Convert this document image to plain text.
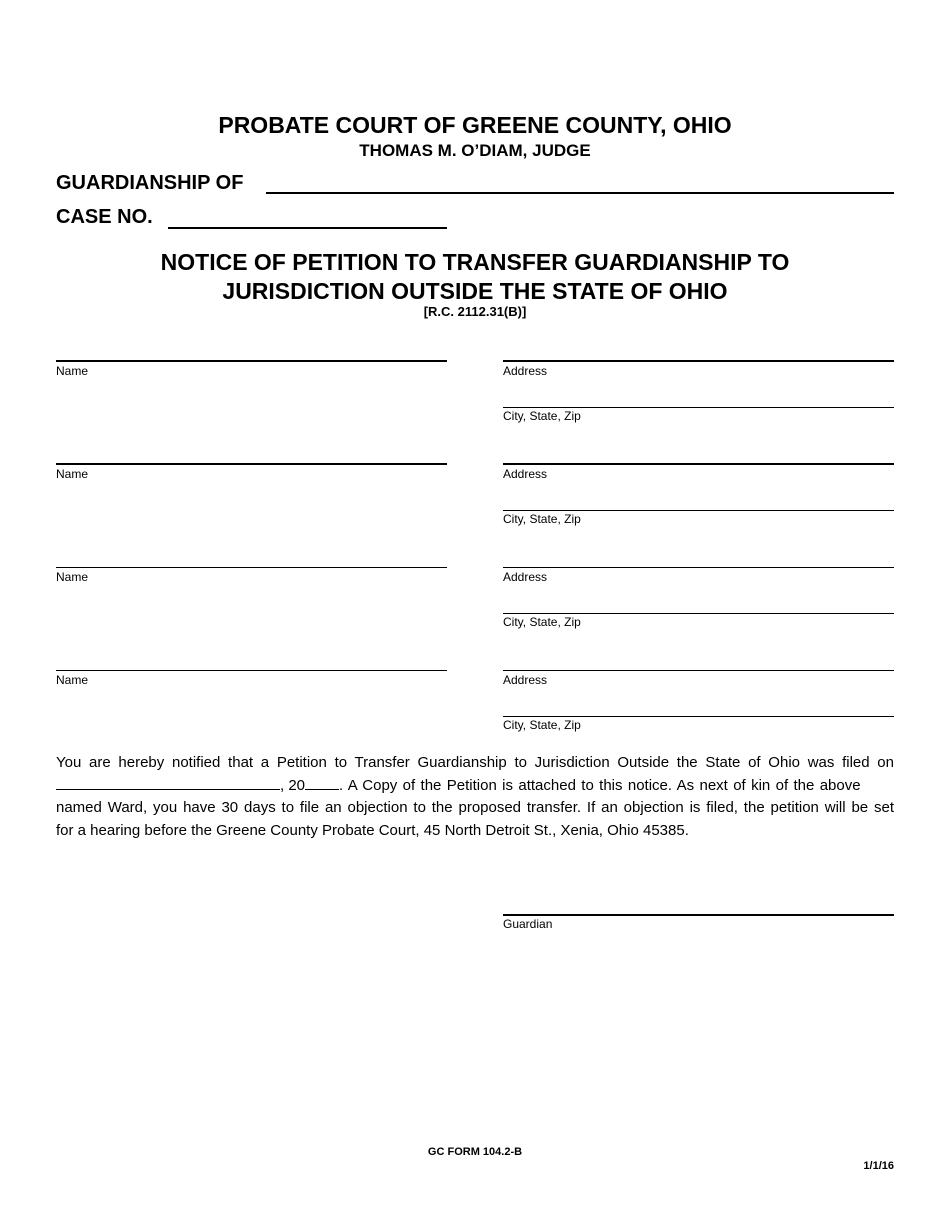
PROBATE COURT OF GREENE COUNTY, OHIO
THOMAS M. O’DIAM, JUDGE
GUARDIANSHIP OF
CASE NO.
NOTICE OF PETITION TO TRANSFER GUARDIANSHIP TO
JURISDICTION OUTSIDE THE STATE OF OHIO
[R.C. 2112.31(B)]
Name	Address
City, State, Zip
Name	Address
City, State, Zip
Name	Address
City, State, Zip
Name	Address
City, State, Zip
You are hereby notified that a Petition to Transfer Guardianship to Jurisdiction Outside the State of Ohio was filed on
, 20 . A Copy of the Petition is attached to this notice. As next of kin of the above
named Ward, you have 30 days to file an objection to the proposed transfer. If an objection is filed, the petition will be set
for a hearing before the Greene County Probate Court, 45 North Detroit St., Xenia, Ohio 45385.
Guardian
GC FORM 104.2-B
1/1/16
